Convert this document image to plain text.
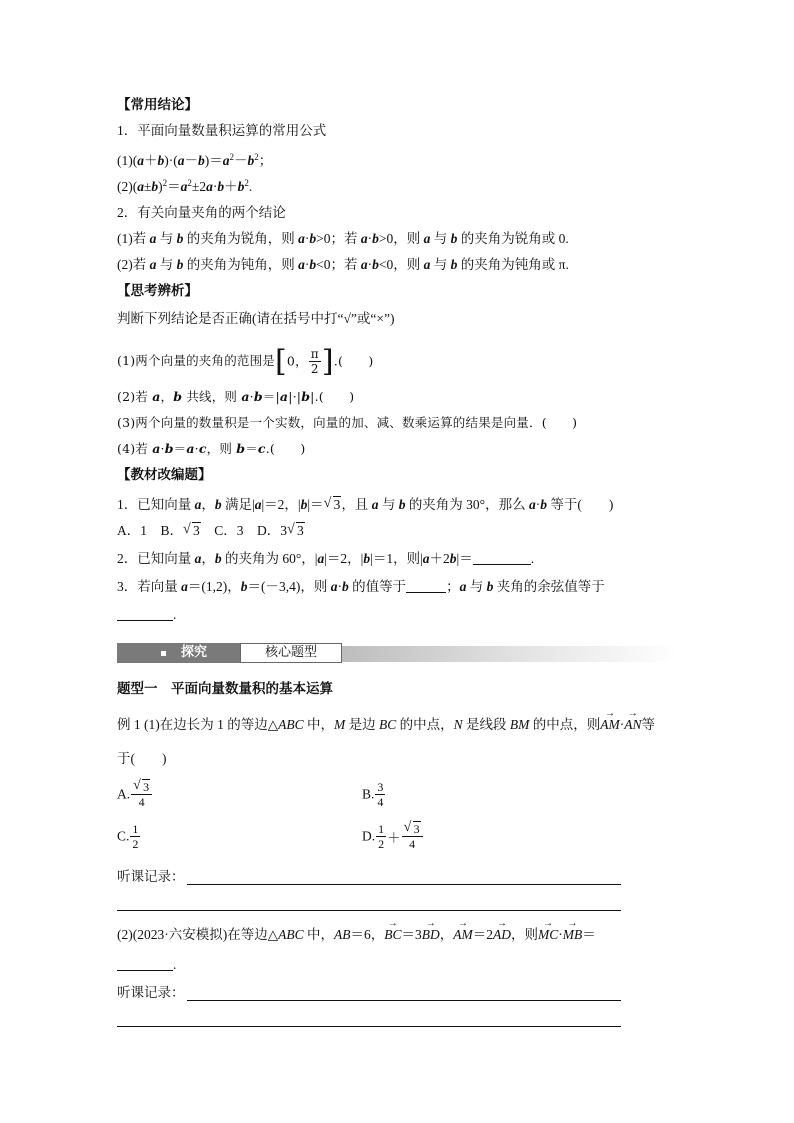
【常用结论】
1．平面向量数量积运算的常用公式
$(1)(a+b)\cdot(a-b)=a^2-b^2$；
$(2)(a\pm b)^2=a^2\pm 2a\cdot b+b^2$.
2．有关向量夹角的两个结论
(1)若 a 与 b 的夹角为锐角，则 a·b>0；若 a·b>0，则 a 与 b 的夹角为锐角或 0.
(2)若 a 与 b 的夹角为钝角，则 a·b<0；若 a·b<0，则 a 与 b 的夹角为钝角或 π.
【思考辨析】
判断下列结论是否正确(请在括号中打“√”或“×”)
(1)两个向量的夹角的范围是[0， $\frac{\pi}{2}$ ].(　　)
(2)若 a，b 共线，则 a·b＝|a|·|b|.(　　)
(3)两个向量的数量积是一个实数，向量的加、减、数乘运算的结果是向量．(　　)
(4)若 a·b＝a·c，则 b＝c.(　　)
【教材改编题】
1．已知向量 a，b 满足|a|＝2，|b|＝ √ 3，且 a 与 b 的夹角为 30°，那么 a·b 等于(　　)
A．1　B． √ 3　C．3　D．3 √ 3
2．已知向量 a，b 的夹角为 60°，|a|＝2，|b|＝1，则|a＋2b|＝	.
3．若向量 a＝(1,2)，b＝(－3,4)，则 a·b 的值等于	；a 与 b 夹角的余弦值等于
.
探究	核心题型
题型一　平面向量数量积的基本运算
例 1 (1)在边长为 1 的等边△ABC 中，M 是边 BC 的中点，N 是线段 BM 的中点，则→ AM·→ AN等
于(　　)
A. √ $\frac{3}{4}$	B. $\frac{3}{4}$
C. $\frac{1}{2}$	D. $\frac{1}{2}$ ＋ √ $\frac{3}{4}$
听课记录：
(2)(2023·六安模拟)在等边△ABC 中，AB＝6，→ BC＝3→ BD，→ AM＝2→ AD，则→ MC·→ MB＝
.
听课记录：
